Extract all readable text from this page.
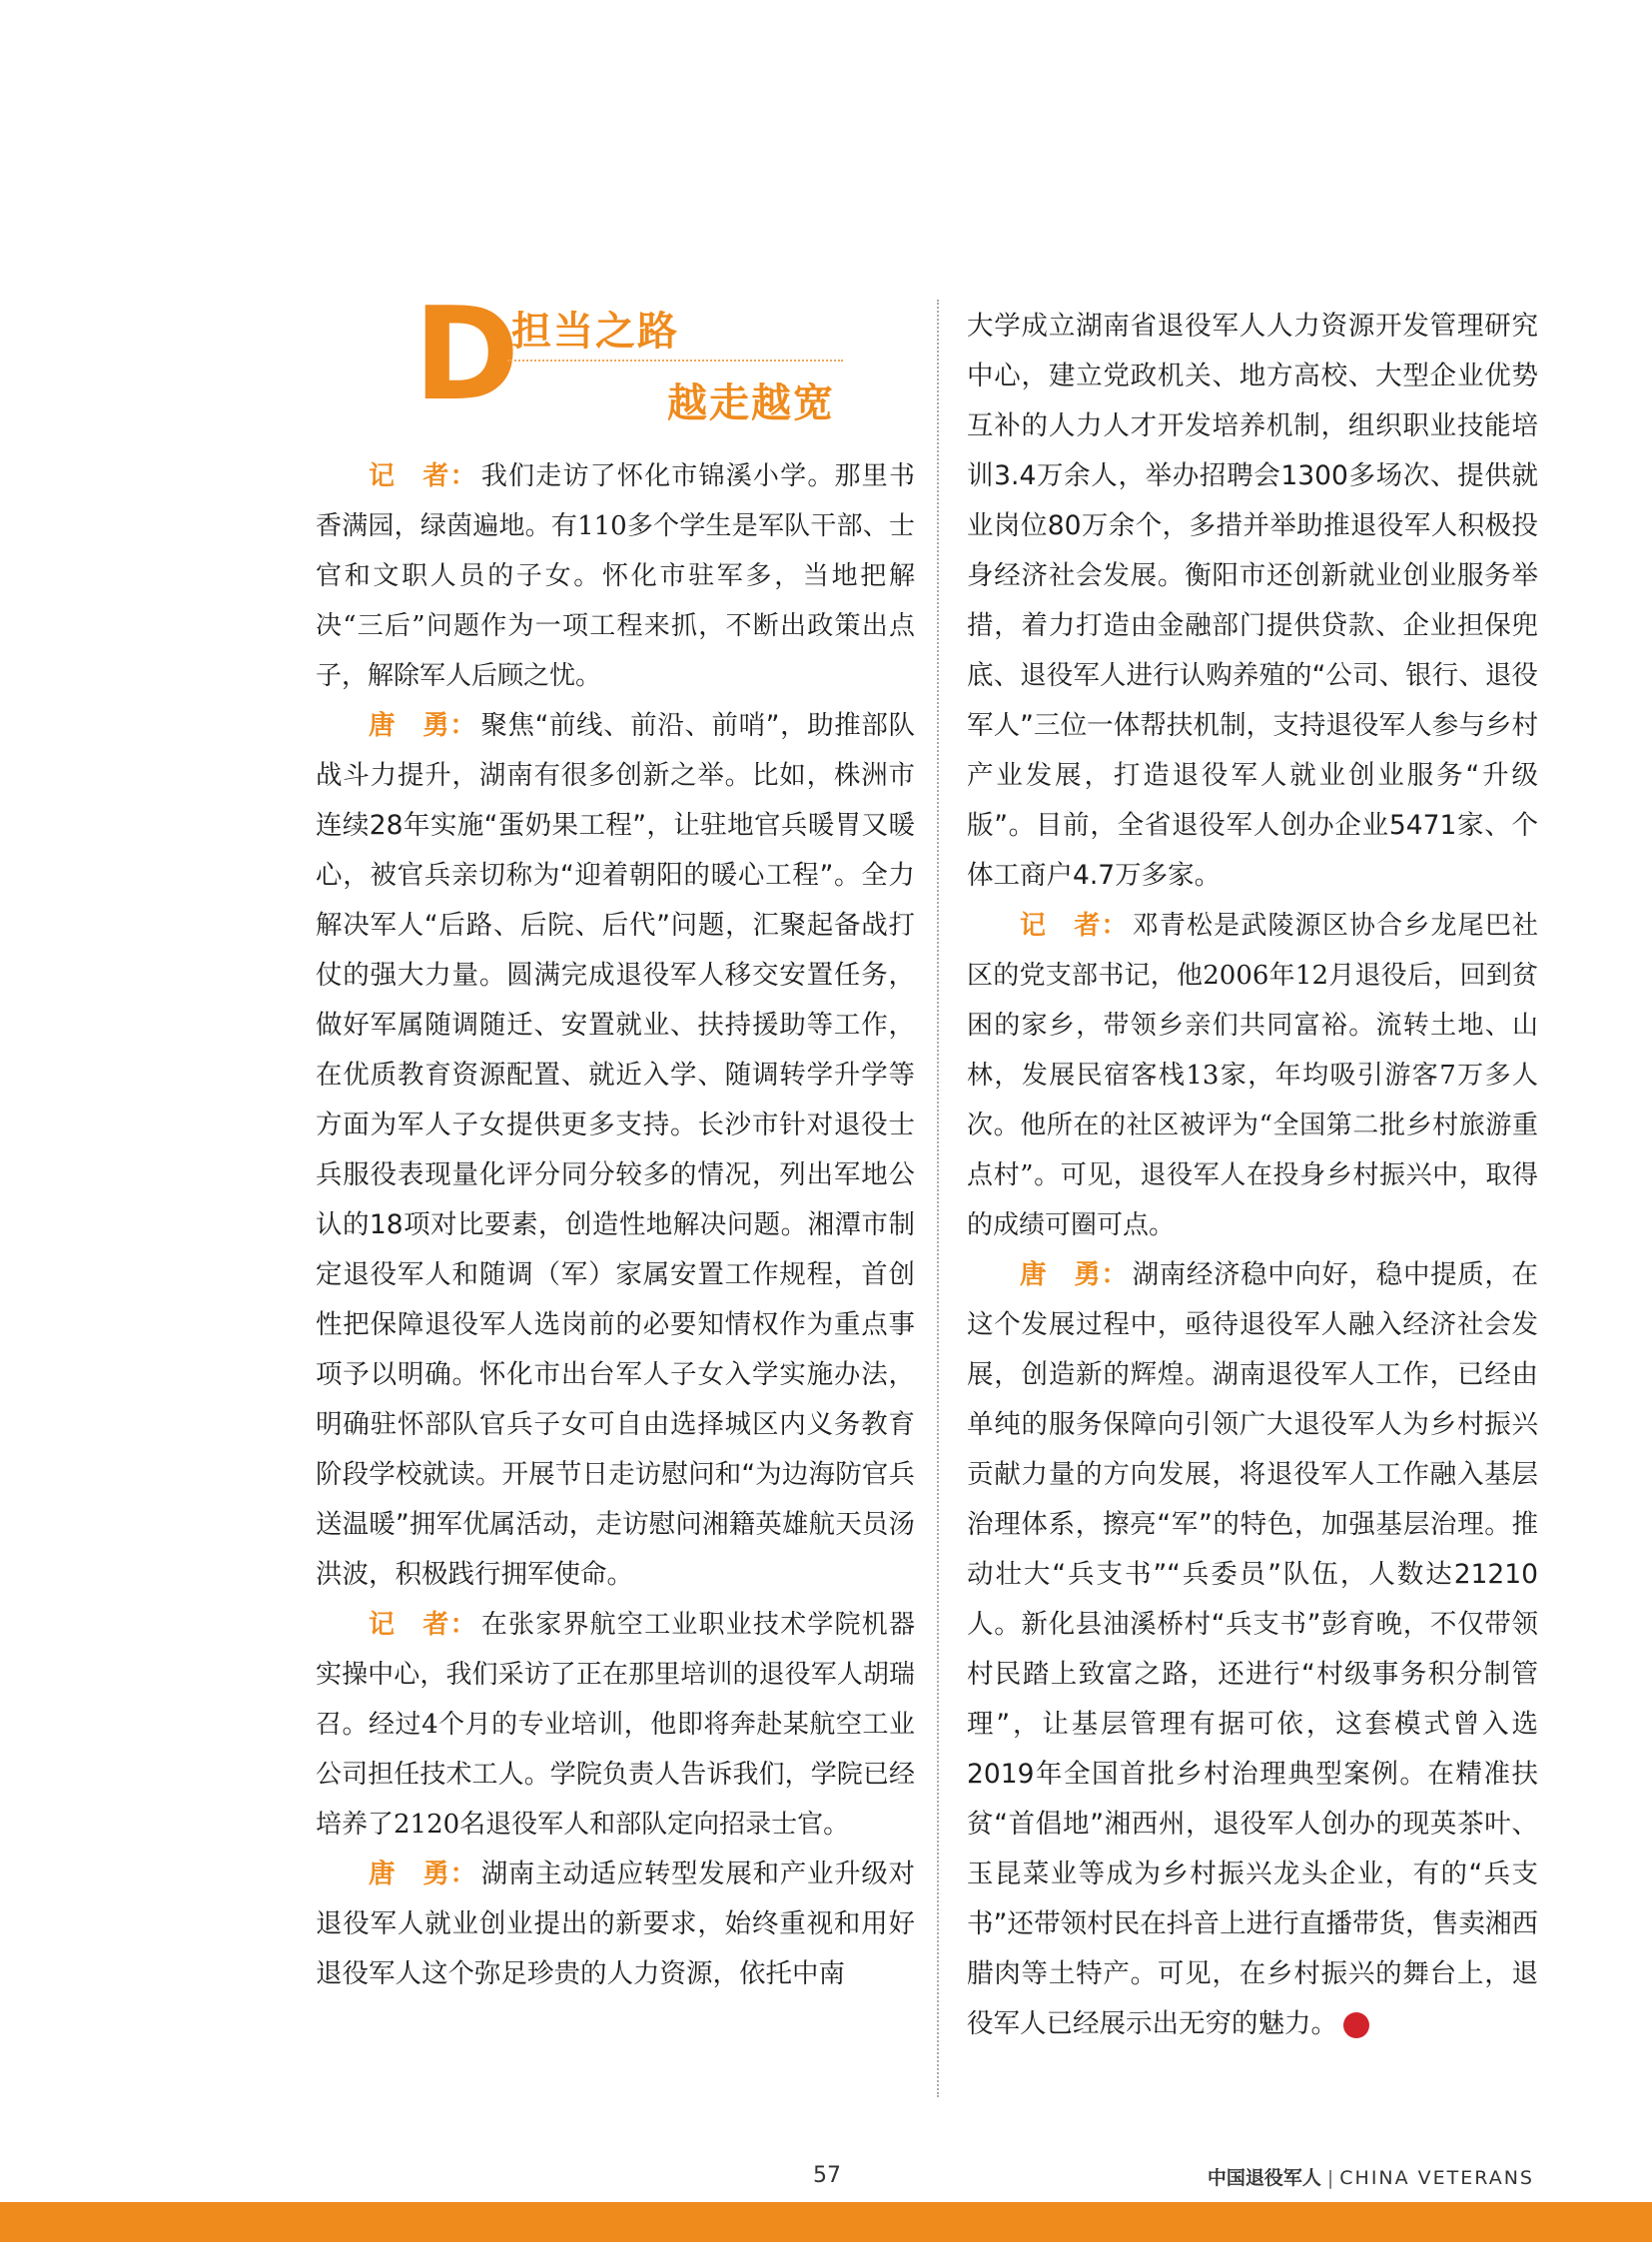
D
担当之路
越走越宽

记　者： 我们走访了怀化市锦溪小学。那里书香满园，绿茵遍地。有110多个学生是军队干部、士官和文职人员的子女。怀化市驻军多，当地把解决“三后”问题作为一项工程来抓，不断出政策出点子，解除军人后顾之忧。

唐　勇： 聚焦“前线、前沿、前哨”，助推部队战斗力提升，湖南有很多创新之举。比如，株洲市连续28年实施“蛋奶果工程”，让驻地官兵暖胃又暖心，被官兵亲切称为“迎着朝阳的暖心工程”。全力解决军人“后路、后院、后代”问题，汇聚起备战打仗的强大力量。圆满完成退役军人移交安置任务，做好军属随调随迁、安置就业、扶持援助等工作，在优质教育资源配置、就近入学、随调转学升学等方面为军人子女提供更多支持。长沙市针对退役士兵服役表现量化评分同分较多的情况，列出军地公认的18项对比要素，创造性地解决问题。湘潭市制定退役军人和随调（军）家属安置工作规程，首创性把保障退役军人选岗前的必要知情权作为重点事项予以明确。怀化市出台军人子女入学实施办法，明确驻怀部队官兵子女可自由选择城区内义务教育阶段学校就读。开展节日走访慰问和“为边海防官兵送温暖”拥军优属活动，走访慰问湘籍英雄航天员汤洪波，积极践行拥军使命。

记　者： 在张家界航空工业职业技术学院机器实操中心，我们采访了正在那里培训的退役军人胡瑞召。经过4个月的专业培训，他即将奔赴某航空工业公司担任技术工人。学院负责人告诉我们，学院已经培养了2120名退役军人和部队定向招录士官。

唐　勇： 湖南主动适应转型发展和产业升级对退役军人就业创业提出的新要求，始终重视和用好退役军人这个弥足珍贵的人力资源，依托中南

大学成立湖南省退役军人人力资源开发管理研究中心，建立党政机关、地方高校、大型企业优势互补的人力人才开发培养机制，组织职业技能培训3.4万余人，举办招聘会1300多场次、提供就业岗位80万余个，多措并举助推退役军人积极投身经济社会发展。衡阳市还创新就业创业服务举措，着力打造由金融部门提供贷款、企业担保兜底、退役军人进行认购养殖的“公司、银行、退役军人”三位一体帮扶机制，支持退役军人参与乡村产业发展，打造退役军人就业创业服务“升级版”。目前，全省退役军人创办企业5471家、个体工商户4.7万多家。

记　者： 邓青松是武陵源区协合乡龙尾巴社区的党支部书记，他2006年12月退役后，回到贫困的家乡，带领乡亲们共同富裕。流转土地、山林，发展民宿客栈13家，年均吸引游客7万多人次。他所在的社区被评为“全国第二批乡村旅游重点村”。可见，退役军人在投身乡村振兴中，取得的成绩可圈可点。

唐　勇： 湖南经济稳中向好，稳中提质，在这个发展过程中，亟待退役军人融入经济社会发展，创造新的辉煌。湖南退役军人工作，已经由单纯的服务保障向引领广大退役军人为乡村振兴贡献力量的方向发展，将退役军人工作融入基层治理体系，擦亮“军”的特色，加强基层治理。推动壮大“兵支书”“兵委员”队伍，人数达21210人。新化县油溪桥村“兵支书”彭育晚，不仅带领村民踏上致富之路，还进行“村级事务积分制管理”，让基层管理有据可依，这套模式曾入选2019年全国首批乡村治理典型案例。在精准扶贫“首倡地”湘西州，退役军人创办的现英茶叶、玉昆菜业等成为乡村振兴龙头企业，有的“兵支书”还带领村民在抖音上进行直播带货，售卖湘西腊肉等土特产。可见，在乡村振兴的舞台上，退役军人已经展示出无穷的魅力。	V

57	中国退役军人 | CHINA VETERANS
